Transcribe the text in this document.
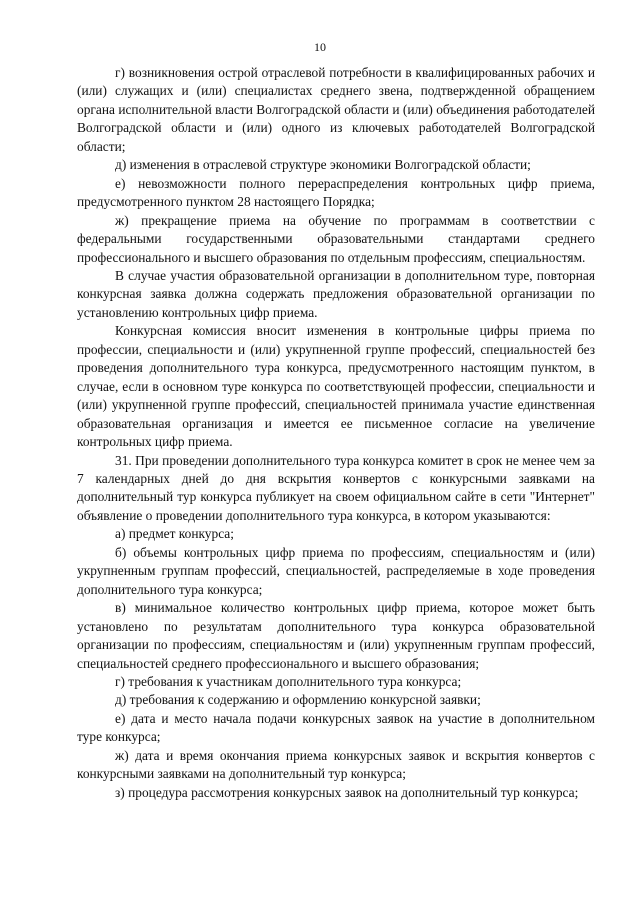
10

г) возникновения острой отраслевой потребности в квалифицированных рабочих и (или) служащих и (или) специалистах среднего звена, подтвержденной обращением органа исполнительной власти Волгоградской области и (или) объединения работодателей Волгоградской области и (или) одного из ключевых работодателей Волгоградской области;

д) изменения в отраслевой структуре экономики Волгоградской области;

е) невозможности полного перераспределения контрольных цифр приема, предусмотренного пунктом 28 настоящего Порядка;

ж) прекращение приема на обучение по программам в соответствии с федеральными государственными образовательными стандартами среднего профессионального и высшего образования по отдельным профессиям, специальностям.

В случае участия образовательной организации в дополнительном туре, повторная конкурсная заявка должна содержать предложения образовательной организации по установлению контрольных цифр приема.

Конкурсная комиссия вносит изменения в контрольные цифры приема по профессии, специальности и (или) укрупненной группе профессий, специальностей без проведения дополнительного тура конкурса, предусмотренного настоящим пунктом, в случае, если в основном туре конкурса по соответствующей профессии, специальности и (или) укрупненной группе профессий, специальностей принимала участие единственная образовательная организация и имеется ее письменное согласие на увеличение контрольных цифр приема.

31. При проведении дополнительного тура конкурса комитет в срок не менее чем за 7 календарных дней до дня вскрытия конвертов с конкурсными заявками на дополнительный тур конкурса публикует на своем официальном сайте в сети "Интернет" объявление о проведении дополнительного тура конкурса, в котором указываются:

а) предмет конкурса;

б) объемы контрольных цифр приема по профессиям, специальностям и (или) укрупненным группам профессий, специальностей, распределяемые в ходе проведения дополнительного тура конкурса;

в) минимальное количество контрольных цифр приема, которое может быть установлено по результатам дополнительного тура конкурса образовательной организации по профессиям, специальностям и (или) укрупненным группам профессий, специальностей среднего профессионального и высшего образования;

г) требования к участникам дополнительного тура конкурса;

д) требования к содержанию и оформлению конкурсной заявки;

е) дата и место начала подачи конкурсных заявок на участие в дополнительном туре конкурса;

ж) дата и время окончания приема конкурсных заявок и вскрытия конвертов с конкурсными заявками на дополнительный тур конкурса;

з) процедура рассмотрения конкурсных заявок на дополнительный тур конкурса;
